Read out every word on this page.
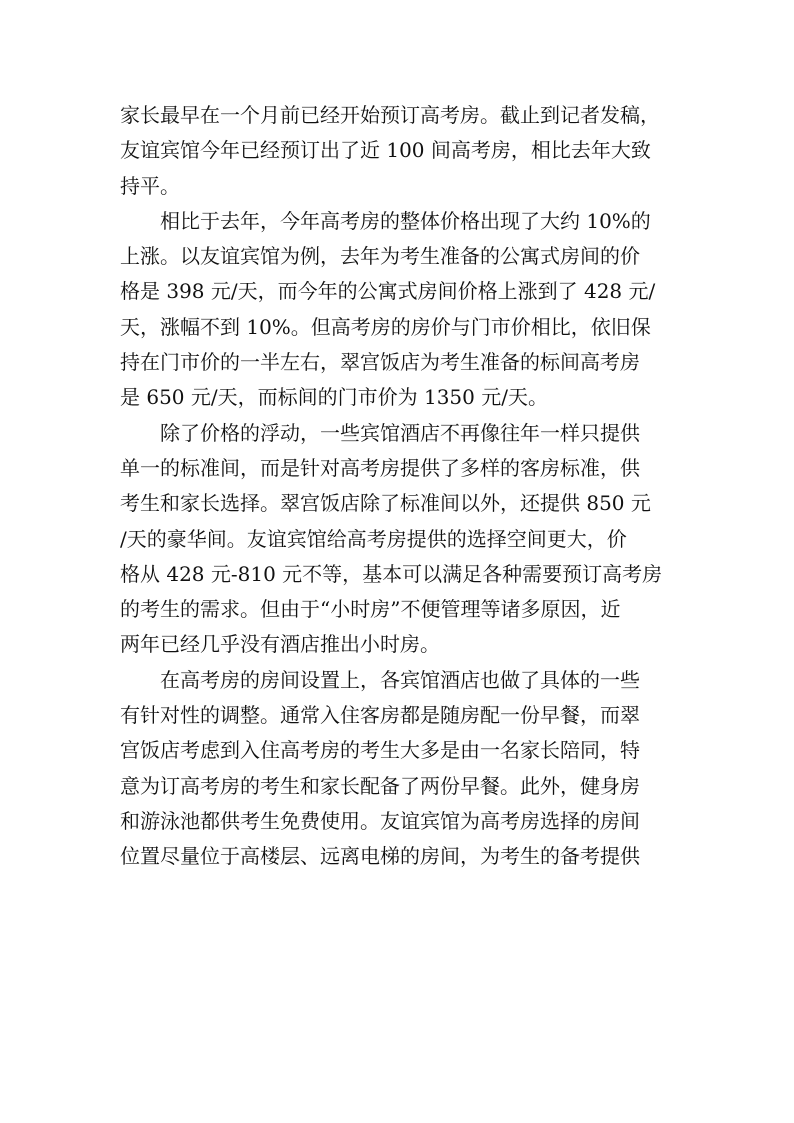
家长最早在一个月前已经开始预订高考房。截止到记者发稿，
友谊宾馆今年已经预订出了近 100 间高考房，相比去年大致
持平。
相比于去年，今年高考房的整体价格出现了大约 10%的
上涨。以友谊宾馆为例，去年为考生准备的公寓式房间的价
格是 398 元/天，而今年的公寓式房间价格上涨到了 428 元/
天，涨幅不到 10%。但高考房的房价与门市价相比，依旧保
持在门市价的一半左右，翠宫饭店为考生准备的标间高考房
是 650 元/天，而标间的门市价为 1350 元/天。
除了价格的浮动，一些宾馆酒店不再像往年一样只提供
单一的标准间，而是针对高考房提供了多样的客房标准，供
考生和家长选择。翠宫饭店除了标准间以外，还提供 850 元
/天的豪华间。友谊宾馆给高考房提供的选择空间更大，价
格从 428 元-810 元不等，基本可以满足各种需要预订高考房
的考生的需求。但由于“小时房”不便管理等诸多原因，近
两年已经几乎没有酒店推出小时房。
在高考房的房间设置上，各宾馆酒店也做了具体的一些
有针对性的调整。通常入住客房都是随房配一份早餐，而翠
宫饭店考虑到入住高考房的考生大多是由一名家长陪同，特
意为订高考房的考生和家长配备了两份早餐。此外，健身房
和游泳池都供考生免费使用。友谊宾馆为高考房选择的房间
位置尽量位于高楼层、远离电梯的房间，为考生的备考提供
